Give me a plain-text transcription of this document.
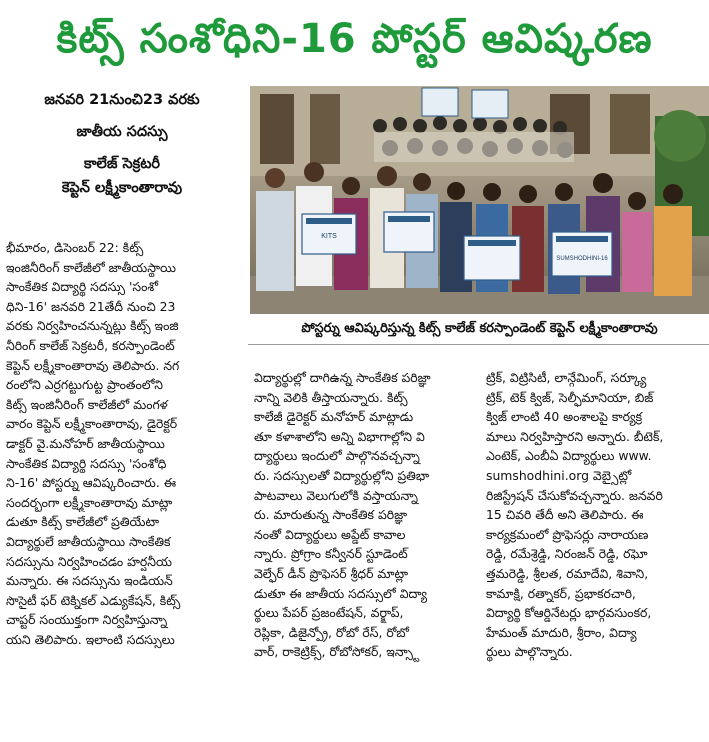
కిట్స్ సంశోధిని-16 పోస్టర్ ఆవిష్కరణ
జనవరి 21నుంచి23 వరకు
జాతీయ సదస్సు
కాలేజ్ సెక్రటరీ
కెప్టెన్ లక్ష్మీకాంతారావు
KITS
SUMSHODHINI-16
పోస్టర్ను ఆవిష్కరిస్తున్న కిట్స్ కాలేజ్ కరస్పాండెంట్ కెప్టెన్ లక్ష్మీకాంతారావు

భీమారం, డిసెంబర్ 22: కిట్స్

ఇంజినీరింగ్ కాలేజీలో జాతీయస్థాయి

సాంకేతిక విద్యార్థి సదస్సు 'సంశో

ధిని-16' జనవరి 21తేదీ నుంచి 23

వరకు నిర్వహించనున్నట్లు కిట్స్ ఇంజి

నీరింగ్ కాలేజ్ సెక్రటరీ, కరస్పాండెంట్

కెప్టెన్ లక్ష్మీకాంతారావు తెలిపారు. నగ

రంలోని ఎర్రగట్టుగుట్ట ప్రాంతంలోని

కిట్స్ ఇంజినీరింగ్ కాలేజీలో మంగళ

వారం కెప్టెన్ లక్ష్మీకాంతారావు, డైరెక్టర్

డాక్టర్ వై.మనోహర్ జాతీయస్థాయి

సాంకేతిక విద్యార్థి సదస్సు 'సంశోధి

ని-16' పోస్టర్ను ఆవిష్కరించారు. ఈ

సందర్భంగా లక్ష్మీకాంతారావు మాట్లా

డుతూ కిట్స్ కాలేజీలో ప్రతియేటా

విద్యార్థులే జాతీయస్థాయి సాంకేతిక

సదస్సును నిర్వహించడం హర్షనీయ

మన్నారు. ఈ సదస్సును ఇండియన్

సొసైటీ ఫర్ టెక్నికల్ ఎడ్యుకేషన్, కిట్స్

చాప్టర్ సంయుక్తంగా నిర్వహిస్తున్నా

యని తెలిపారు. ఇలాంటి సదస్సులు

విద్యార్థుల్లో దాగిఉన్న సాంకేతిక పరిజ్ఞా

నాన్ని వెలికి తీస్తాయన్నారు. కిట్స్

కాలేజీ డైరెక్టర్ మనోహర్ మాట్లాడు

తూ కళాశాలోని అన్ని విభాగాల్లోని వి

ద్యార్థులు ఇందులో పాల్గొనవచ్చన్నా

రు. సదస్సులతో విద్యార్థుల్లోని ప్రతిభా

పాటవాలు వెలుగులోకి వస్తాయన్నా

రు. మారుతున్న సాంకేతిక పరిజ్ఞా

నంతో విద్యార్థులు అప్డేట్ కావాల

న్నారు. ప్రోగ్రాం కన్వీనర్ స్టూడెంట్

వెల్ఫేర్ డీన్ ప్రొఫెసర్ శ్రీధర్ మాట్లా

డుతూ ఈ జాతీయ సదస్సులో విద్యా

ర్థులు పేపర్ ప్రజంటేషన్, వర్క్షాప్,

రెప్లికా, డిజైన్ప్రో, రోబో రేస్, రోబో

వార్, రాకెట్రిక్స్, రోబోసోకర్, ఇన్స్టా

ట్రిక్, విట్రిసిటీ, లాన్గేమింగ్, సర్క్యూ

ట్రిక్, టెక్ క్విజ్, సెల్ఫీమానియా, బిజ్

క్విజ్ లాంటి 40 అంశాలపై కార్యక్ర

మాలు నిర్వహిస్తారని అన్నారు. బీటెక్,

ఎంటెక్, ఎంబీఏ విద్యార్థులు www.

sumshodhini.org వెబ్సైట్లో

రిజిస్ట్రేషన్ చేసుకోవచ్చన్నారు. జనవరి

15 చివరి తేదీ అని తెలిపారు. ఈ

కార్యక్రమంలో ప్రొఫెసర్లు నారాయణ

రెడ్డి, రమేశ్రెడ్డి, నిరంజన్ రెడ్డి, రఘో

త్తమరెడ్డి, శ్రీలత, రమాదేవి, శివాని,

కామాక్షి, రత్నాకర్, ప్రభాకరచారి,

విద్యార్థి కోఆర్డినేటర్లు భార్గవసుంకర,

హేమంత్ మాదురి, శ్రీరాం, విద్యా

ర్థులు పాల్గొన్నారు.
